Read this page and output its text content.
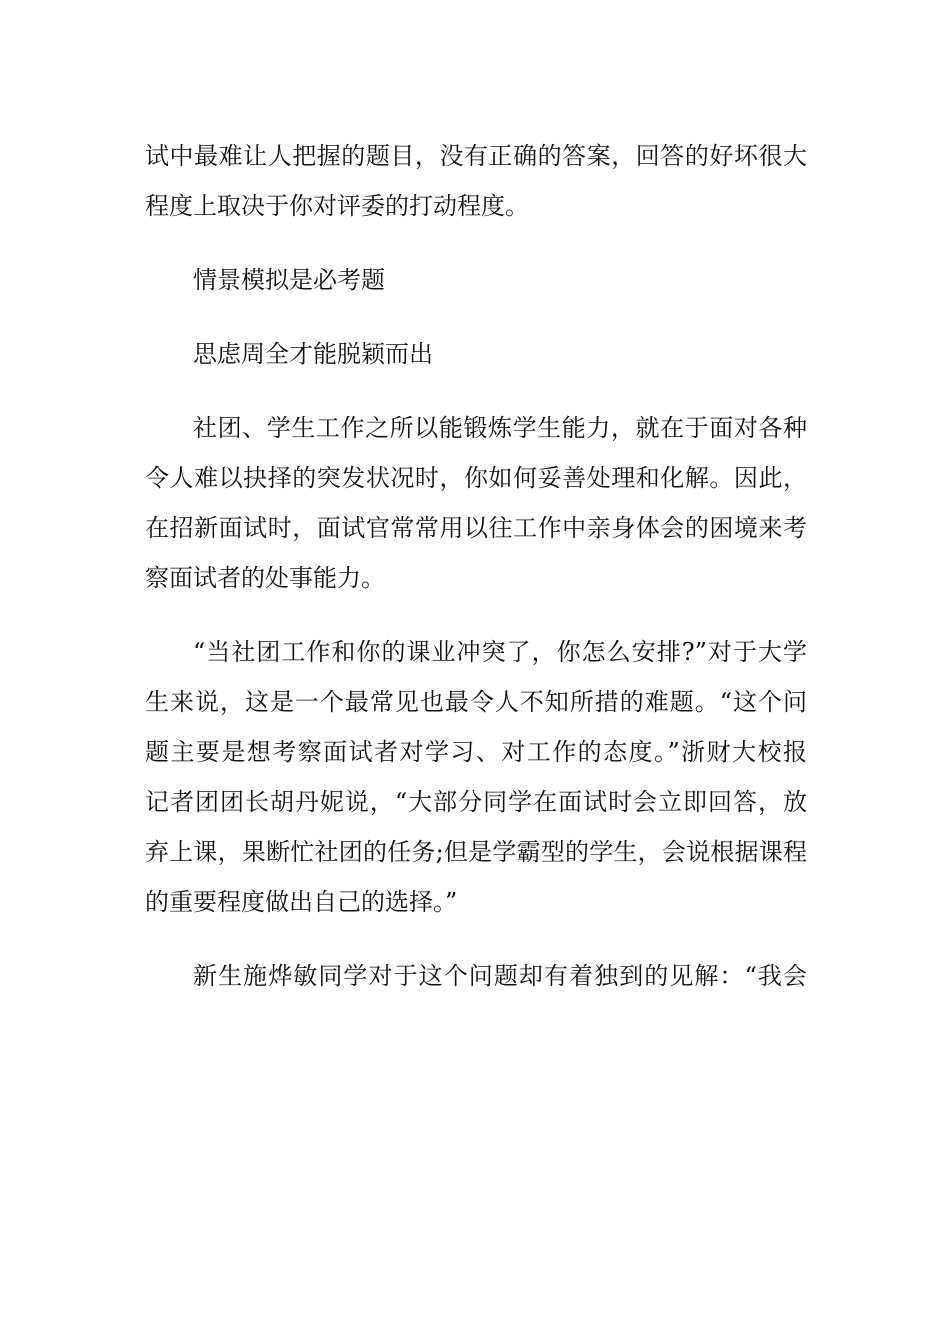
试中最难让人把握的题目，没有正确的答案，回答的好坏很大
程度上取决于你对评委的打动程度。
情景模拟是必考题
思虑周全才能脱颖而出
社团、学生工作之所以能锻炼学生能力，就在于面对各种
令人难以抉择的突发状况时，你如何妥善处理和化解。因此，
在招新面试时，面试官常常用以往工作中亲身体会的困境来考
察面试者的处事能力。
“当社团工作和你的课业冲突了，你怎么安排?”对于大学
生来说，这是一个最常见也最令人不知所措的难题。“这个问
题主要是想考察面试者对学习、对工作的态度。”浙财大校报
记者团团长胡丹妮说，“大部分同学在面试时会立即回答，放
弃上课，果断忙社团的任务;但是学霸型的学生，会说根据课程
的重要程度做出自己的选择。”
新生施烨敏同学对于这个问题却有着独到的见解：“我会
